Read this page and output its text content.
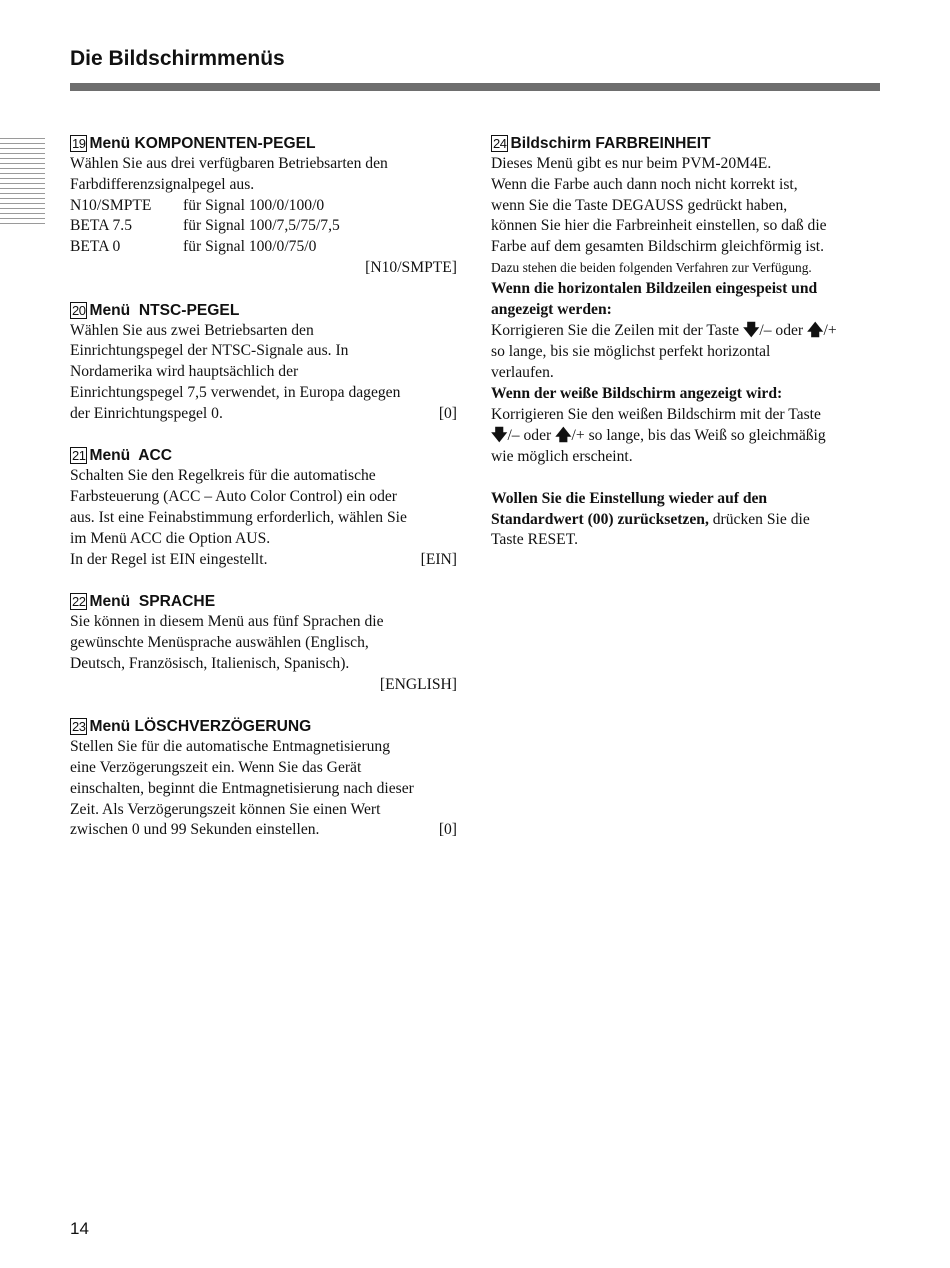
Die Bildschirmmenüs
19 Menü KOMPONENTEN-PEGEL

Wählen Sie aus drei verfügbaren Betriebsarten den

Farbdifferenzsignalpegel aus.

N10/SMPTE	für Signal 100/0/100/0
BETA 7.5	für Signal 100/7,5/75/7,5
BETA 0	für Signal 100/0/75/0

[N10/SMPTE]

20 Menü  NTSC-PEGEL

Wählen Sie aus zwei Betriebsarten den

Einrichtungspegel der NTSC-Signale aus. In

Nordamerika wird hauptsächlich der

Einrichtungspegel 7,5 verwendet, in Europa dagegen

der Einrichtungspegel 0.	[0]
21 Menü  ACC

Schalten Sie den Regelkreis für die automatische

Farbsteuerung (ACC – Auto Color Control) ein oder

aus. Ist eine Feinabstimmung erforderlich, wählen Sie

im Menü ACC die Option AUS.

In der Regel ist EIN eingestellt.	[EIN]
22 Menü  SPRACHE

Sie können in diesem Menü aus fünf Sprachen die

gewünschte Menüsprache auswählen (Englisch,

Deutsch, Französisch, Italienisch, Spanisch).

[ENGLISH]

23 Menü LÖSCHVERZÖGERUNG

Stellen Sie für die automatische Entmagnetisierung

eine Verzögerungszeit ein. Wenn Sie das Gerät

einschalten, beginnt die Entmagnetisierung nach dieser

Zeit. Als Verzögerungszeit können Sie einen Wert

zwischen 0 und 99 Sekunden einstellen.	[0]
24 Bildschirm FARBREINHEIT

Dieses Menü gibt es nur beim PVM-20M4E.

Wenn die Farbe auch dann noch nicht korrekt ist,

wenn Sie die Taste DEGAUSS gedrückt haben,

können Sie hier die Farbreinheit einstellen, so daß die

Farbe auf dem gesamten Bildschirm gleichförmig ist.

Dazu stehen die beiden folgenden Verfahren zur Verfügung.

Wenn die horizontalen Bildzeilen eingespeist und

angezeigt werden:

Korrigieren Sie die Zeilen mit der Taste 🡇/– oder 🡅/+

so lange, bis sie möglichst perfekt horizontal

verlaufen.

Wenn der weiße Bildschirm angezeigt wird:

Korrigieren Sie den weißen Bildschirm mit der Taste

🡇/– oder 🡅/+ so lange, bis das Weiß so gleichmäßig

wie möglich erscheint.

Wollen Sie die Einstellung wieder auf den

Standardwert (00) zurücksetzen, drücken Sie die

Taste RESET.

14
